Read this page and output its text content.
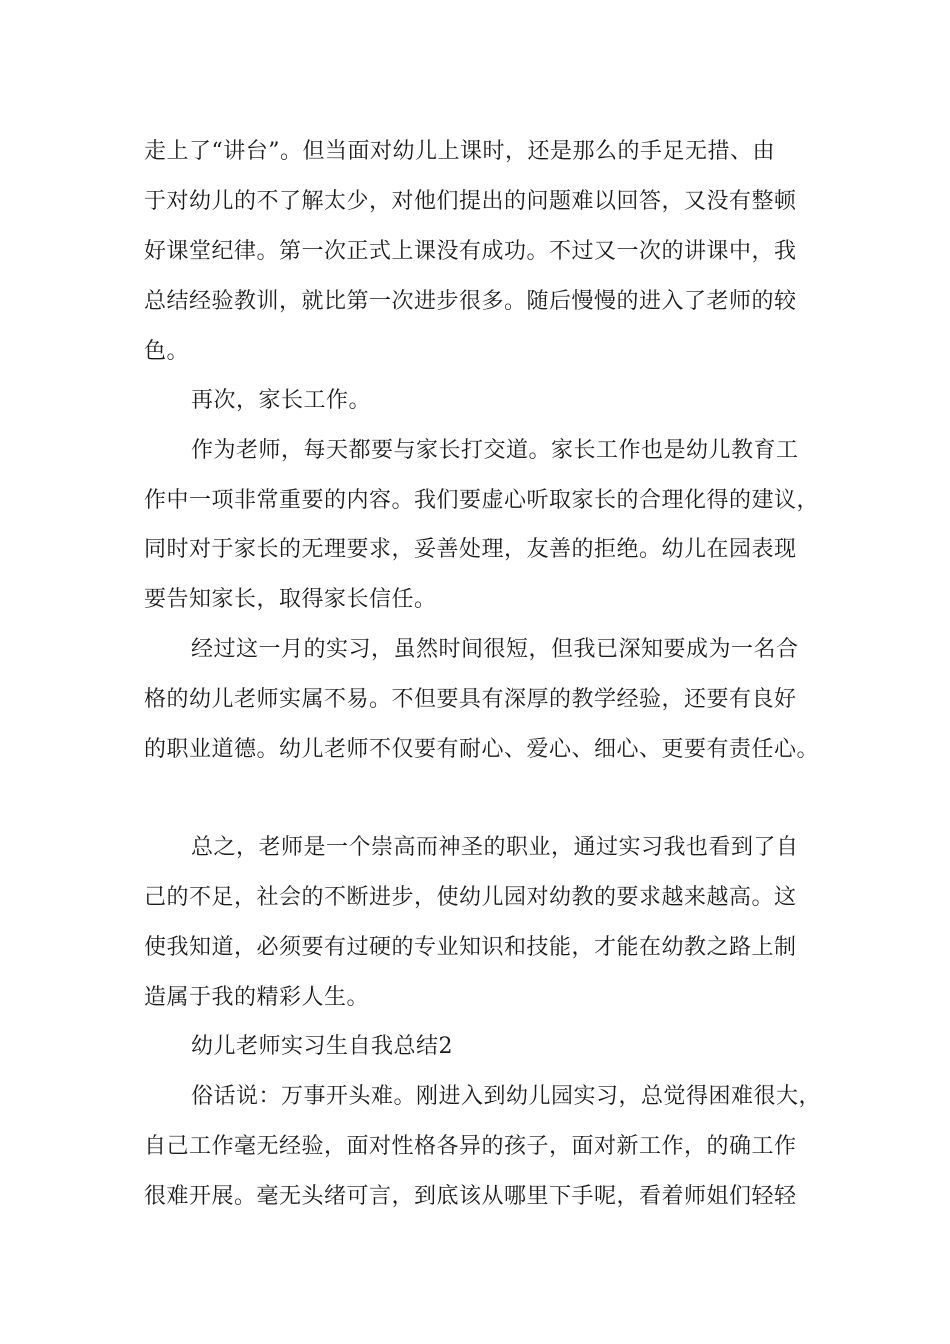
走上了“讲台”。但当面对幼儿上课时，还是那么的手足无措、由
于对幼儿的不了解太少，对他们提出的问题难以回答，又没有整顿
好课堂纪律。第一次正式上课没有成功。不过又一次的讲课中，我
总结经验教训，就比第一次进步很多。随后慢慢的进入了老师的较
色。
再次，家长工作。
作为老师，每天都要与家长打交道。家长工作也是幼儿教育工
作中一项非常重要的内容。我们要虚心听取家长的合理化得的建议，
同时对于家长的无理要求，妥善处理，友善的拒绝。幼儿在园表现
要告知家长，取得家长信任。
经过这一月的实习，虽然时间很短，但我已深知要成为一名合
格的幼儿老师实属不易。不但要具有深厚的教学经验，还要有良好
的职业道德。幼儿老师不仅要有耐心、爱心、细心、更要有责任心。
总之，老师是一个崇高而神圣的职业，通过实习我也看到了自
己的不足，社会的不断进步，使幼儿园对幼教的要求越来越高。这
使我知道，必须要有过硬的专业知识和技能，才能在幼教之路上制
造属于我的精彩人生。
幼儿老师实习生自我总结2
俗话说：万事开头难。刚进入到幼儿园实习，总觉得困难很大，
自己工作毫无经验，面对性格各异的孩子，面对新工作，的确工作
很难开展。毫无头绪可言，到底该从哪里下手呢，看着师姐们轻轻
